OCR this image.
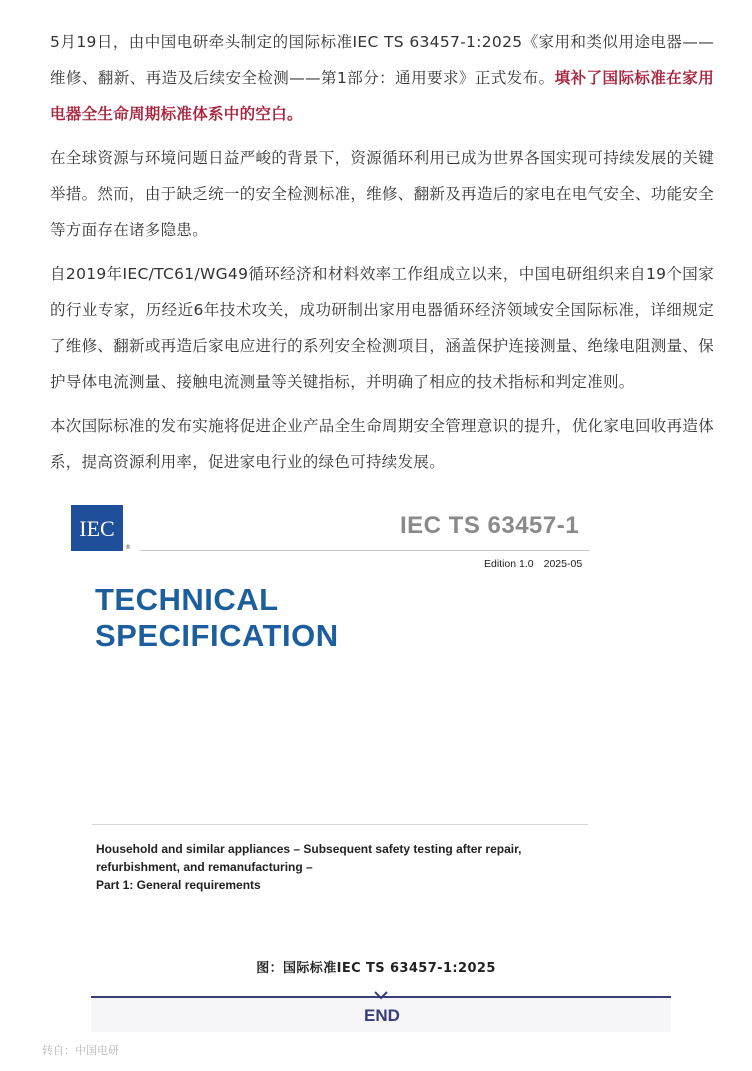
5月19日，由中国电研牵头制定的国际标准IEC TS 63457-1:2025《家用和类似用途电器——维修、翻新、再造及后续安全检测——第1部分：通用要求》正式发布。填补了国际标准在家用电器全生命周期标准体系中的空白。

在全球资源与环境问题日益严峻的背景下，资源循环利用已成为世界各国实现可持续发展的关键举措。然而，由于缺乏统一的安全检测标准，维修、翻新及再造后的家电在电气安全、功能安全等方面存在诸多隐患。

自2019年IEC/TC61/WG49循环经济和材料效率工作组成立以来，中国电研组织来自19个国家的行业专家，历经近6年技术攻关，成功研制出家用电器循环经济领域安全国际标准，详细规定了维修、翻新或再造后家电应进行的系列安全检测项目，涵盖保护连接测量、绝缘电阻测量、保护导体电流测量、接触电流测量等关键指标，并明确了相应的技术指标和判定准则。

本次国际标准的发布实施将促进企业产品全生命周期安全管理意识的提升，优化家电回收再造体系，提高资源利用率，促进家电行业的绿色可持续发展。

IEC
®
IEC TS 63457-1
Edition 1.0 2025-05
TECHNICAL
SPECIFICATION
Household and similar appliances – Subsequent safety testing after repair,
refurbishment, and remanufacturing –
Part 1: General requirements
图：国际标准IEC TS 63457-1:2025
END
转自：中国电研
